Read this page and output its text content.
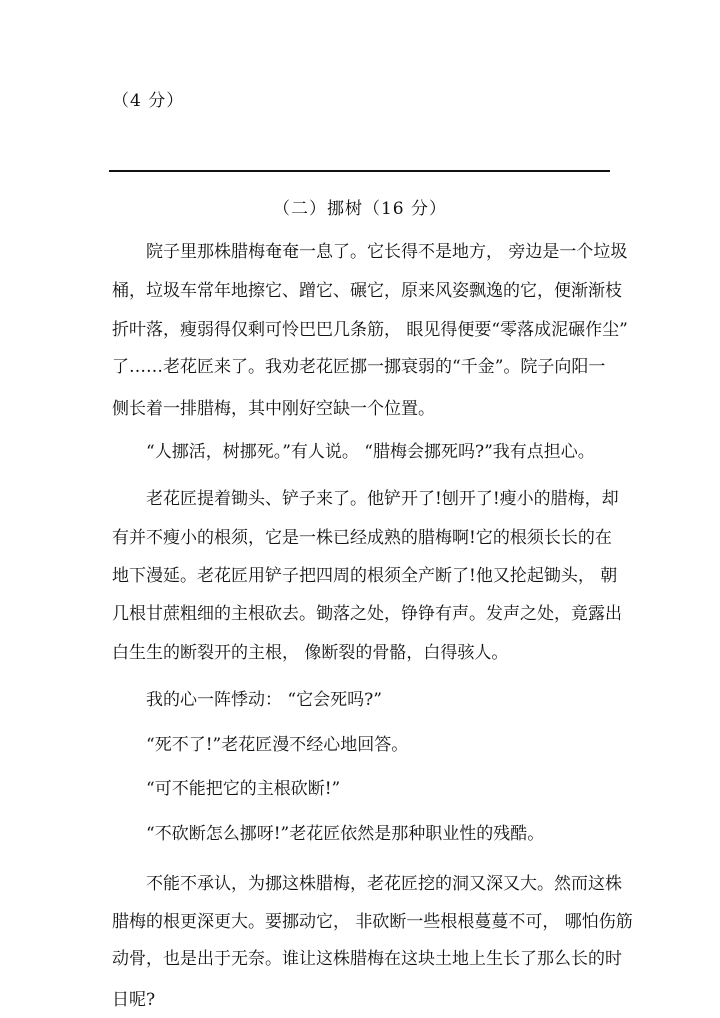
（4 分）
（二）挪树（16 分）
院子里那株腊梅奄奄一息了。它长得不是地方， 旁边是一个垃圾
桶，垃圾车常年地擦它、蹭它、碾它，原来风姿飘逸的它，便渐渐枝
折叶落，瘦弱得仅剩可怜巴巴几条筋， 眼见得便要“零落成泥碾作尘”
了……老花匠来了。我劝老花匠挪一挪衰弱的“千金”。院子向阳一
侧长着一排腊梅，其中刚好空缺一个位置。
“人挪活，树挪死。”有人说。 “腊梅会挪死吗?”我有点担心。
老花匠提着锄头、铲子来了。他铲开了!刨开了!瘦小的腊梅，却
有并不瘦小的根须，它是一株已经成熟的腊梅啊!它的根须长长的在
地下漫延。老花匠用铲子把四周的根须全产断了!他又抡起锄头， 朝
几根甘蔗粗细的主根砍去。锄落之处，铮铮有声。发声之处，竟露出
白生生的断裂开的主根， 像断裂的骨骼，白得骇人。
我的心一阵悸动： “它会死吗?”
“死不了!”老花匠漫不经心地回答。
“可不能把它的主根砍断!”
“不砍断怎么挪呀!”老花匠依然是那种职业性的残酷。
不能不承认，为挪这株腊梅，老花匠挖的洞又深又大。然而这株
腊梅的根更深更大。要挪动它， 非砍断一些根根蔓蔓不可， 哪怕伤筋
动骨，也是出于无奈。谁让这株腊梅在这块土地上生长了那么长的时
日呢?
